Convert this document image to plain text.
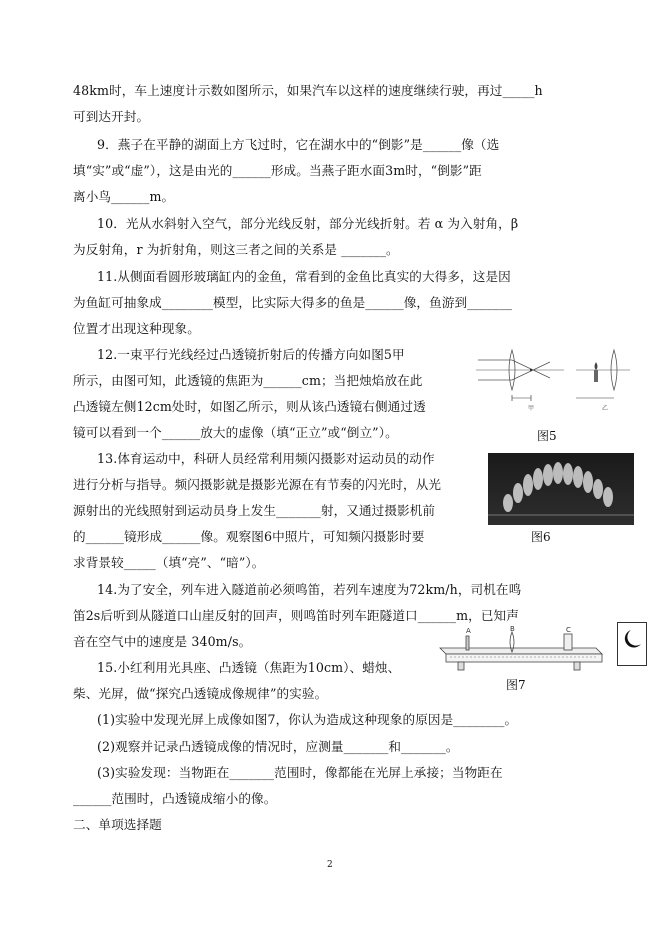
48km时，车上速度计示数如图所示，如果汽车以这样的速度继续行驶，再过_____h
可到达开封。
9．燕子在平静的湖面上方飞过时，它在湖水中的“倒影”是______像（选
填“实”或“虚”），这是由光的______形成。当燕子距水面3m时，“倒影”距
离小鸟______m。
10．光从水斜射入空气，部分光线反射，部分光线折射。若 α 为入射角，β
为反射角，r 为折射角，则这三者之间的关系是 _______。
11.从侧面看圆形玻璃缸内的金鱼，常看到的金鱼比真实的大得多，这是因
为鱼缸可抽象成________模型，比实际大得多的鱼是______像，鱼游到_______
位置才出现这种现象。
12.一束平行光线经过凸透镜折射后的传播方向如图5甲
所示，由图可知，此透镜的焦距为______cm；当把烛焰放在此
凸透镜左侧12cm处时，如图乙所示，则从该凸透镜右侧通过透
镜可以看到一个______放大的虚像（填“正立”或“倒立”）。
13.体育运动中，科研人员经常利用频闪摄影对运动员的动作
进行分析与指导。频闪摄影就是摄影光源在有节奏的闪光时，从光
源射出的光线照射到运动员身上发生_______射，又通过摄影机前
的______镜形成______像。观察图6中照片，可知频闪摄影时要
求背景较_____（填“亮”、“暗”）。
14.为了安全，列车进入隧道前必须鸣笛，若列车速度为72km/h，司机在鸣
笛2s后听到从隧道口山崖反射的回声，则鸣笛时列车距隧道口______m，已知声
音在空气中的速度是 340m/s。
15.小红利用光具座、凸透镜（焦距为10cm）、蜡烛、
柴、光屏，做“探究凸透镜成像规律”的实验。
(1)实验中发现光屏上成像如图7，你认为造成这种现象的原因是________。
(2)观察并记录凸透镜成像的情况时，应测量_______和_______。
(3)实验发现：当物距在_______范围时，像都能在光屏上承接；当物距在
______范围时，凸透镜成缩小的像。
二、单项选择题
甲	乙
图5
图6
A	B	C
图7
2
